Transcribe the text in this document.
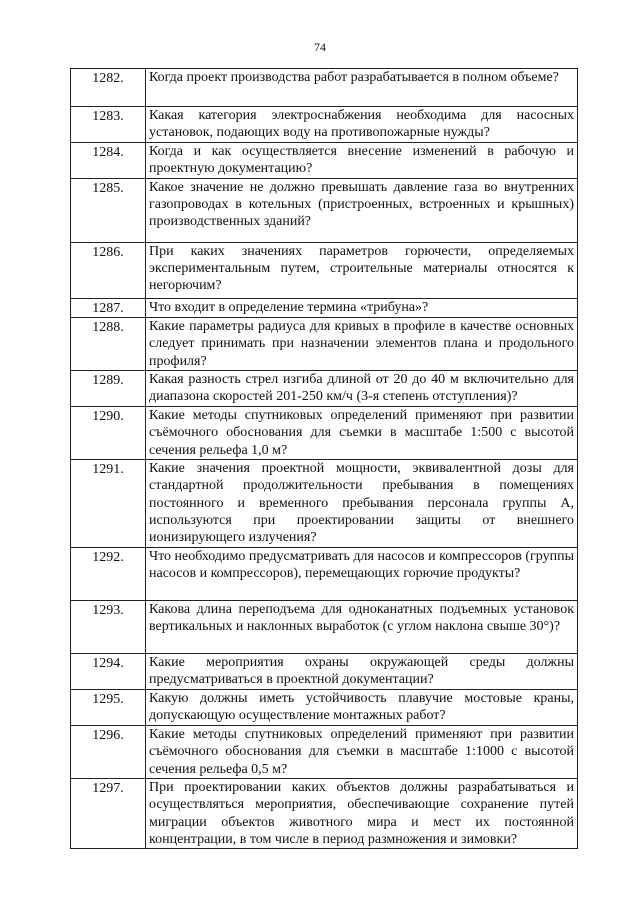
74
1282.	Когда проект производства работ разрабатывается в полном объеме?
1283.	Какая категория электроснабжения необходима для насосных установок, подающих воду на противопожарные нужды?
1284.	Когда и как осуществляется внесение изменений в рабочую и проектную документацию?
1285.	Какое значение не должно превышать давление газа во внутренних газопроводах в котельных (пристроенных, встроенных и крышных) производственных зданий?
1286.	При каких значениях параметров горючести, определяемых экспериментальным путем, строительные материалы относятся к негорючим?
1287.	Что входит в определение термина «трибуна»?
1288.	Какие параметры радиуса для кривых в профиле в качестве основных следует принимать при назначении элементов плана и продольного профиля?
1289.	Какая разность стрел изгиба длиной от 20 до 40 м включительно для диапазона скоростей 201-250 км/ч (3-я степень отступления)?
1290.	Какие методы спутниковых определений применяют при развитии съёмочного обоснования для съемки в масштабе 1:500 с высотой сечения рельефа 1,0 м?
1291.	Какие значения проектной мощности, эквивалентной дозы для стандартной продолжительности пребывания в помещениях постоянного и временного пребывания персонала группы А, используются при проектировании защиты от внешнего ионизирующего излучения?
1292.	Что необходимо предусматривать для насосов и компрессоров (группы насосов и компрессоров), перемещающих горючие продукты?
1293.	Какова длина переподъема для одноканатных подъемных установок вертикальных и наклонных выработок (с углом наклона свыше 30°)?
1294.	Какие мероприятия охраны окружающей среды должны предусматриваться в проектной документации?
1295.	Какую должны иметь устойчивость плавучие мостовые краны, допускающую осуществление монтажных работ?
1296.	Какие методы спутниковых определений применяют при развитии съёмочного обоснования для съемки в масштабе 1:1000 с высотой сечения рельефа 0,5 м?
1297.	При проектировании каких объектов должны разрабатываться и осуществляться мероприятия, обеспечивающие сохранение путей миграции объектов животного мира и мест их постоянной концентрации, в том числе в период размножения и зимовки?
